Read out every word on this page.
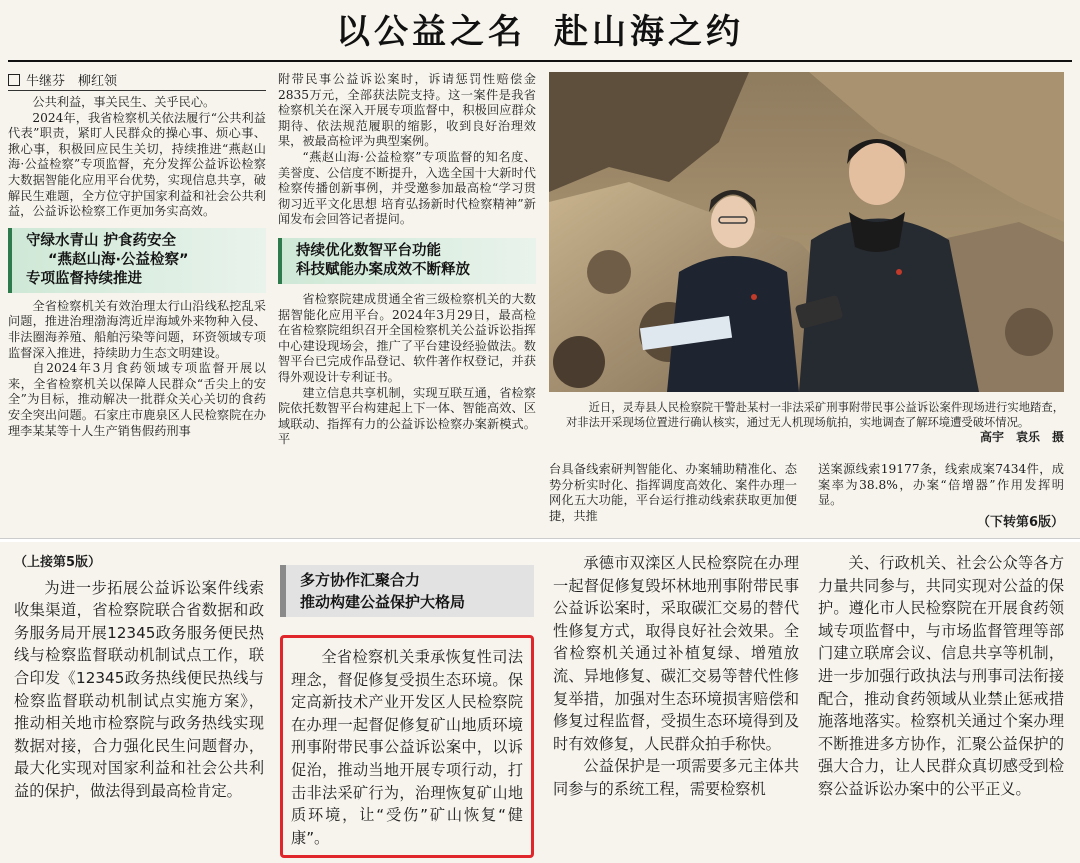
以公益之名 赴山海之约
牛继芬　柳红领

公共利益，事关民生、关乎民心。

2024年，我省检察机关依法履行“公共利益代表”职责，紧盯人民群众的操心事、烦心事、揪心事，积极回应民生关切，持续推进“燕赵山海·公益检察”专项监督，充分发挥公益诉讼检察大数据智能化应用平台优势，实现信息共享，破解民生难题，全方位守护国家利益和社会公共利益，公益诉讼检察工作更加务实高效。

守绿水青山 护食药安全
“燕赵山海·公益检察”
专项监督持续推进

全省检察机关有效治理太行山沿线私挖乱采问题，推进治理渤海湾近岸海域外来物种入侵、非法圈海养殖、船舶污染等问题，环资领域专项监督深入推进，持续助力生态文明建设。

自2024年3月食药领域专项监督开展以来，全省检察机关以保障人民群众“舌尖上的安全”为目标，推动解决一批群众关心关切的食药安全突出问题。石家庄市鹿泉区人民检察院在办理李某某等十人生产销售假药刑事

附带民事公益诉讼案时，诉请惩罚性赔偿金2835万元，全部获法院支持。这一案件是我省检察机关在深入开展专项监督中，积极回应群众期待、依法规范履职的缩影，收到良好治理效果，被最高检评为典型案例。

“燕赵山海·公益检察”专项监督的知名度、美誉度、公信度不断提升，入选全国十大新时代检察传播创新事例，并受邀参加最高检“学习贯彻习近平文化思想 培育弘扬新时代检察精神”新闻发布会回答记者提问。

持续优化数智平台功能
科技赋能办案成效不断释放

省检察院建成贯通全省三级检察机关的大数据智能化应用平台。2024年3月29日，最高检在省检察院组织召开全国检察机关公益诉讼指挥中心建设现场会，推广了平台建设经验做法。数智平台已完成作品登记、软件著作权登记，并获得外观设计专利证书。

建立信息共享机制，实现互联互通，省检察院依托数智平台构建起上下一体、智能高效、区域联动、指挥有力的公益诉讼检察办案新模式。平

近日，灵寿县人民检察院干警赴某村一非法采矿刑事附带民事公益诉讼案件现场进行实地踏查，对非法开采现场位置进行确认核实，通过无人机现场航拍，实地调查了解环境遭受破坏情况。
高宇　袁乐　摄

台具备线索研判智能化、办案辅助精准化、态势分析实时化、指挥调度高效化、案件办理一网化五大功能，平台运行推动线索获取更加便捷，共推

送案源线索19177条，线索成案7434件，成案率为38.8%，办案“倍增器”作用发挥明显。

（下转第6版）
（上接第5版）

为进一步拓展公益诉讼案件线索收集渠道，省检察院联合省数据和政务服务局开展12345政务服务便民热线与检察监督联动机制试点工作，联合印发《12345政务热线便民热线与检察监督联动机制试点实施方案》，推动相关地市检察院与政务热线实现数据对接，合力强化民生问题督办，最大化实现对国家利益和社会公共利益的保护，做法得到最高检肯定。

多方协作汇聚合力
推动构建公益保护大格局

全省检察机关秉承恢复性司法理念，督促修复受损生态环境。保定高新技术产业开发区人民检察院在办理一起督促修复矿山地质环境刑事附带民事公益诉讼案中，以诉促治，推动当地开展专项行动，打击非法采矿行为，治理恢复矿山地质环境，让“受伤”矿山恢复“健康”。

承德市双滦区人民检察院在办理一起督促修复毁坏林地刑事附带民事公益诉讼案时，采取碳汇交易的替代性修复方式，取得良好社会效果。全省检察机关通过补植复绿、增殖放流、异地修复、碳汇交易等替代性修复举措，加强对生态环境损害赔偿和修复过程监督，受损生态环境得到及时有效修复，人民群众拍手称快。

公益保护是一项需要多元主体共同参与的系统工程，需要检察机

关、行政机关、社会公众等各方力量共同参与，共同实现对公益的保护。遵化市人民检察院在开展食药领域专项监督中，与市场监督管理等部门建立联席会议、信息共享等机制，进一步加强行政执法与刑事司法衔接配合，推动食药领域从业禁止惩戒措施落地落实。检察机关通过个案办理不断推进多方协作，汇聚公益保护的强大合力，让人民群众真切感受到检察公益诉讼办案中的公平正义。
